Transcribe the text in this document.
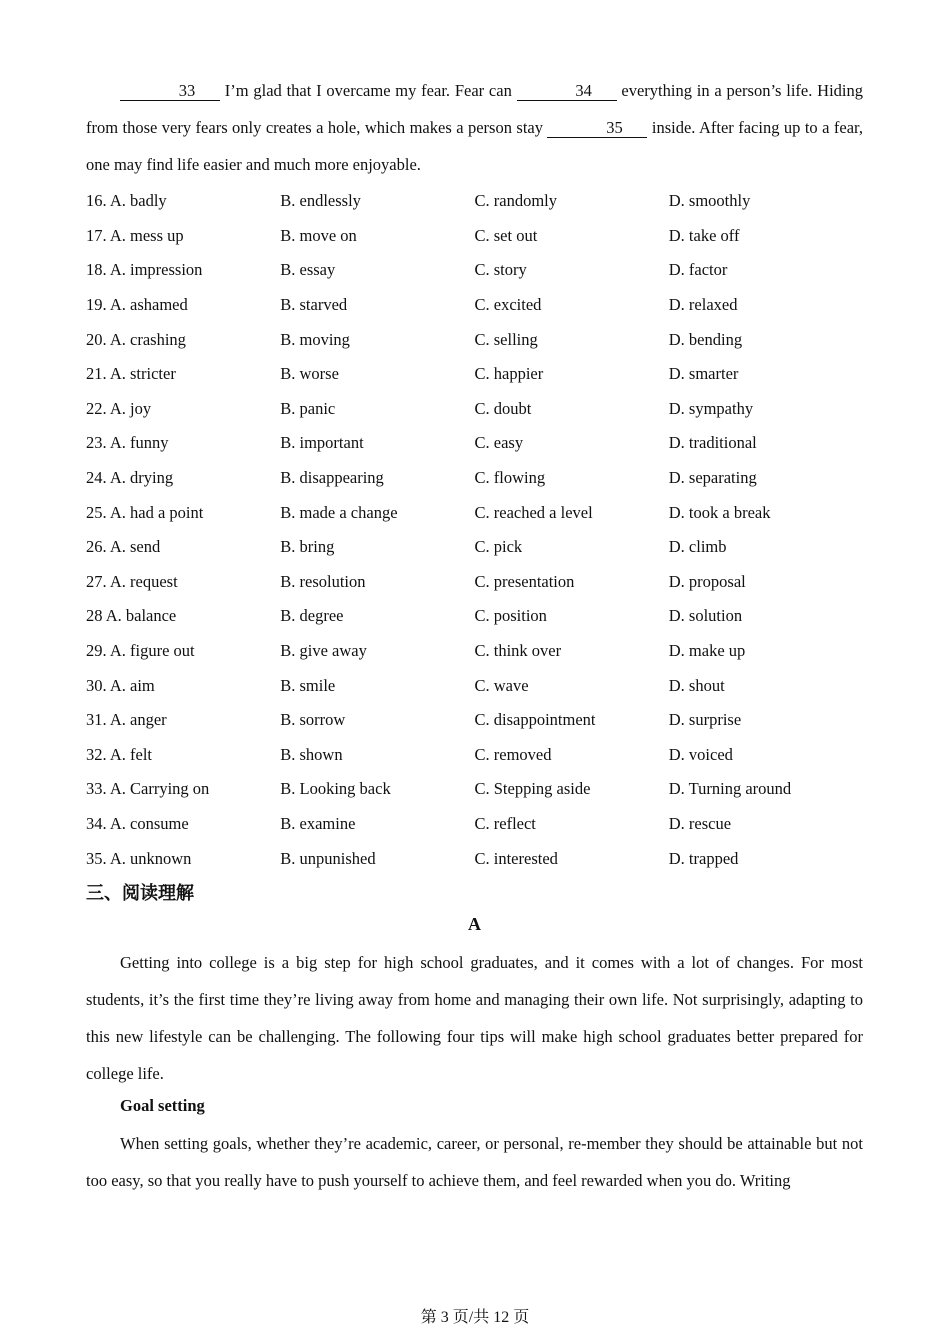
33 I’m glad that I overcame my fear. Fear can	34 everything in a person’s life. Hiding from those very fears only creates a hole, which makes a person stay	35 inside. After facing up to a fear, one may find life easier and much more enjoyable.

16. A. badly	B. endlessly	C. randomly	D. smoothly
17. A. mess up	B. move on	C. set out	D. take off
18. A. impression	B. essay	C. story	D. factor
19. A. ashamed	B. starved	C. excited	D. relaxed
20. A. crashing	B. moving	C. selling	D. bending
21. A. stricter	B. worse	C. happier	D. smarter
22. A. joy	B. panic	C. doubt	D. sympathy
23. A. funny	B. important	C. easy	D. traditional
24. A. drying	B. disappearing	C. flowing	D. separating
25. A. had a point	B. made a change	C. reached a level	D. took a break
26. A. send	B. bring	C. pick	D. climb
27. A. request	B. resolution	C. presentation	D. proposal
28 A. balance	B. degree	C. position	D. solution
29. A. figure out	B. give away	C. think over	D. make up
30. A. aim	B. smile	C. wave	D. shout
31. A. anger	B. sorrow	C. disappointment	D. surprise
32. A. felt	B. shown	C. removed	D. voiced
33. A. Carrying on	B. Looking back	C. Stepping aside	D. Turning around
34. A. consume	B. examine	C. reflect	D. rescue
35. A. unknown	B. unpunished	C. interested	D. trapped
三、阅读理解
A

Getting into college is a big step for high school graduates, and it comes with a lot of changes. For most students, it’s the first time they’re living away from home and managing their own life. Not surprisingly, adapting to this new lifestyle can be challenging. The following four tips will make high school graduates better prepared for college life.

Goal setting

When setting goals, whether they’re academic, career, or personal, re-member they should be attainable but not too easy, so that you really have to push yourself to achieve them, and feel rewarded when you do. Writing

第 3 页/共 12 页
